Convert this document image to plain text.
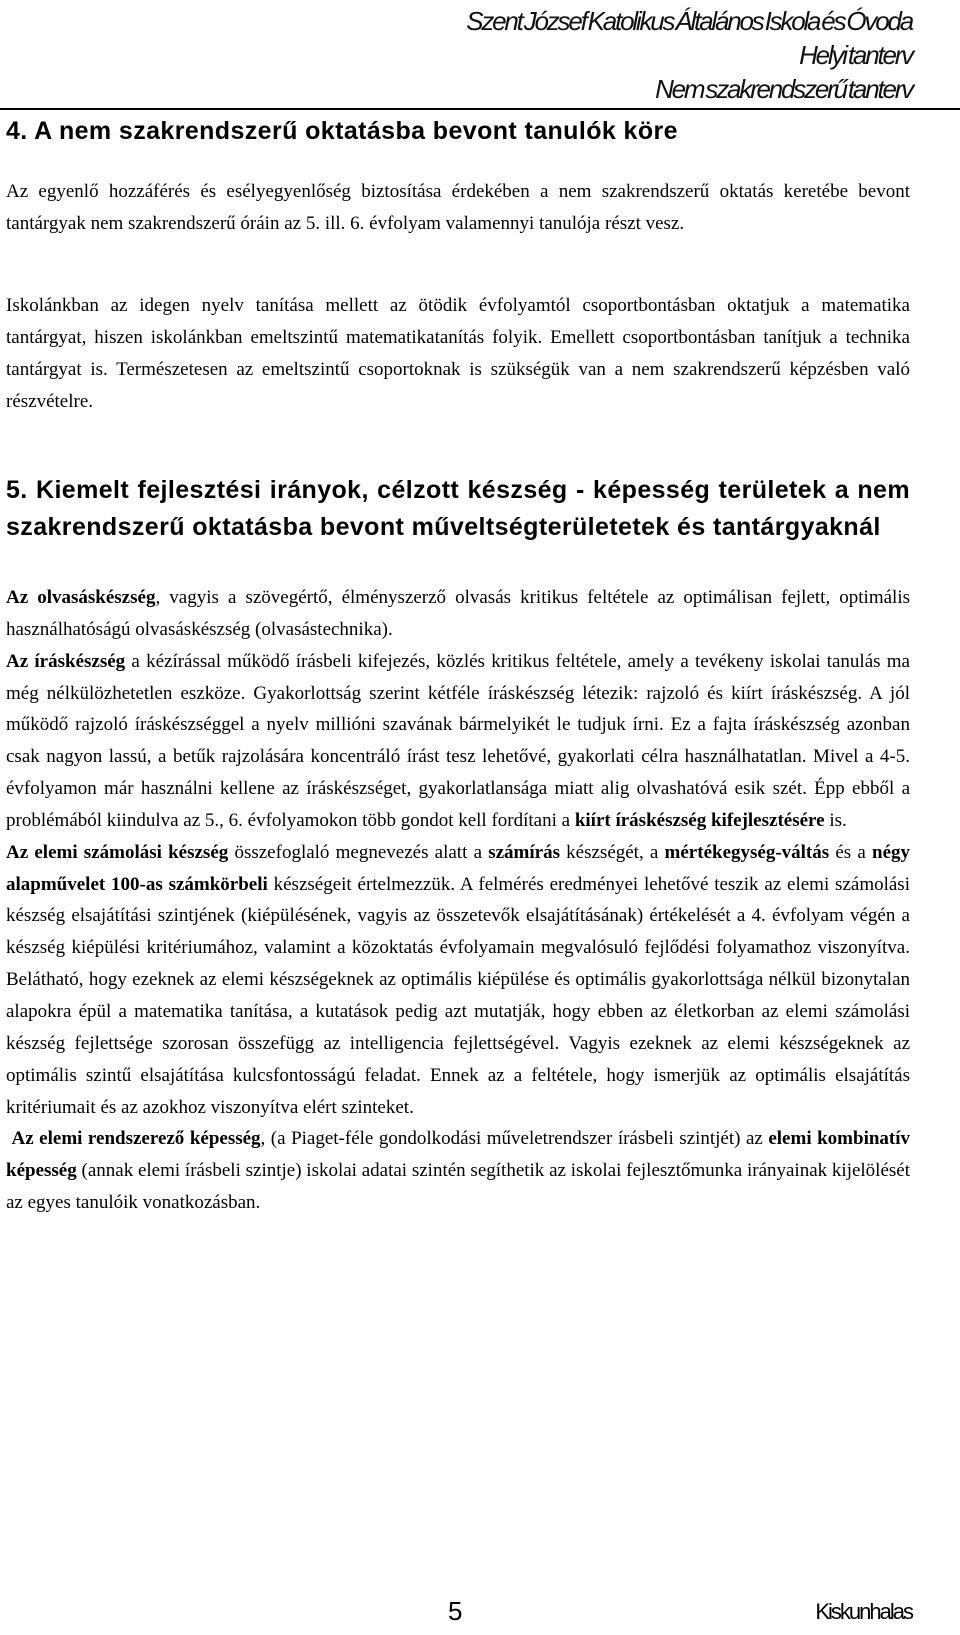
Szent József Katolikus Általános Iskola és Óvoda
Helyi tanterv
Nem szakrendszerű tanterv
4. A nem szakrendszerű oktatásba bevont tanulók köre

Az egyenlő hozzáférés és esélyegyenlőség biztosítása érdekében a nem szakrendszerű oktatás keretébe bevont tantárgyak nem szakrendszerű óráin az 5. ill. 6. évfolyam valamennyi tanulója részt vesz.

Iskolánkban az idegen nyelv tanítása mellett az ötödik évfolyamtól csoportbontásban oktatjuk a matematika tantárgyat, hiszen iskolánkban emeltszintű matematikatanítás folyik. Emellett csoportbontásban tanítjuk a technika tantárgyat is. Természetesen az emeltszintű csoportoknak is szükségük van a nem szakrendszerű képzésben való részvételre.

5. Kiemelt fejlesztési irányok, célzott készség - képesség területek a nem szakrendszerű oktatásba bevont műveltségterületetek és tantárgyaknál

Az olvasáskészség, vagyis a szövegértő, élményszerző olvasás kritikus feltétele az optimálisan fejlett, optimális használhatóságú olvasáskészség (olvasástechnika).

Az íráskészség a kézírással működő írásbeli kifejezés, közlés kritikus feltétele, amely a tevékeny iskolai tanulás ma még nélkülözhetetlen eszköze. Gyakorlottság szerint kétféle íráskészség létezik: rajzoló és kiírt íráskészség. A jól működő rajzoló íráskészséggel a nyelv millióni szavának bármelyikét le tudjuk írni. Ez a fajta íráskészség azonban csak nagyon lassú, a betűk rajzolására koncentráló írást tesz lehetővé, gyakorlati célra használhatatlan. Mivel a 4-5. évfolyamon már használni kellene az íráskészséget, gyakorlatlansága miatt alig olvashatóvá esik szét. Épp ebből a problémából kiindulva az 5., 6. évfolyamokon több gondot kell fordítani a kiírt íráskészség kifejlesztésére is.

Az elemi számolási készség összefoglaló megnevezés alatt a számírás készségét, a mértékegység-váltás és a négy alapművelet 100-as számkörbeli készségeit értelmezzük. A felmérés eredményei lehetővé teszik az elemi számolási készség elsajátítási szintjének (kiépülésének, vagyis az összetevők elsajátításának) értékelését a 4. évfolyam végén a készség kiépülési kritériumához, valamint a közoktatás évfolyamain megvalósuló fejlődési folyamathoz viszonyítva. Belátható, hogy ezeknek az elemi készségeknek az optimális kiépülése és optimális gyakorlottsága nélkül bizonytalan alapokra épül a matematika tanítása, a kutatások pedig azt mutatják, hogy ebben az életkorban az elemi számolási készség fejlettsége szorosan összefügg az intelligencia fejlettségével. Vagyis ezeknek az elemi készségeknek az optimális szintű elsajátítása kulcsfontosságú feladat. Ennek az a feltétele, hogy ismerjük az optimális elsajátítás kritériumait és az azokhoz viszonyítva elért szinteket.

Az elemi rendszerező képesség, (a Piaget-féle gondolkodási műveletrendszer írásbeli szintjét) az elemi kombinatív képesség (annak elemi írásbeli szintje) iskolai adatai szintén segíthetik az iskolai fejlesztőmunka irányainak kijelölését az egyes tanulóik vonatkozásban.

5	Kiskunhalas
